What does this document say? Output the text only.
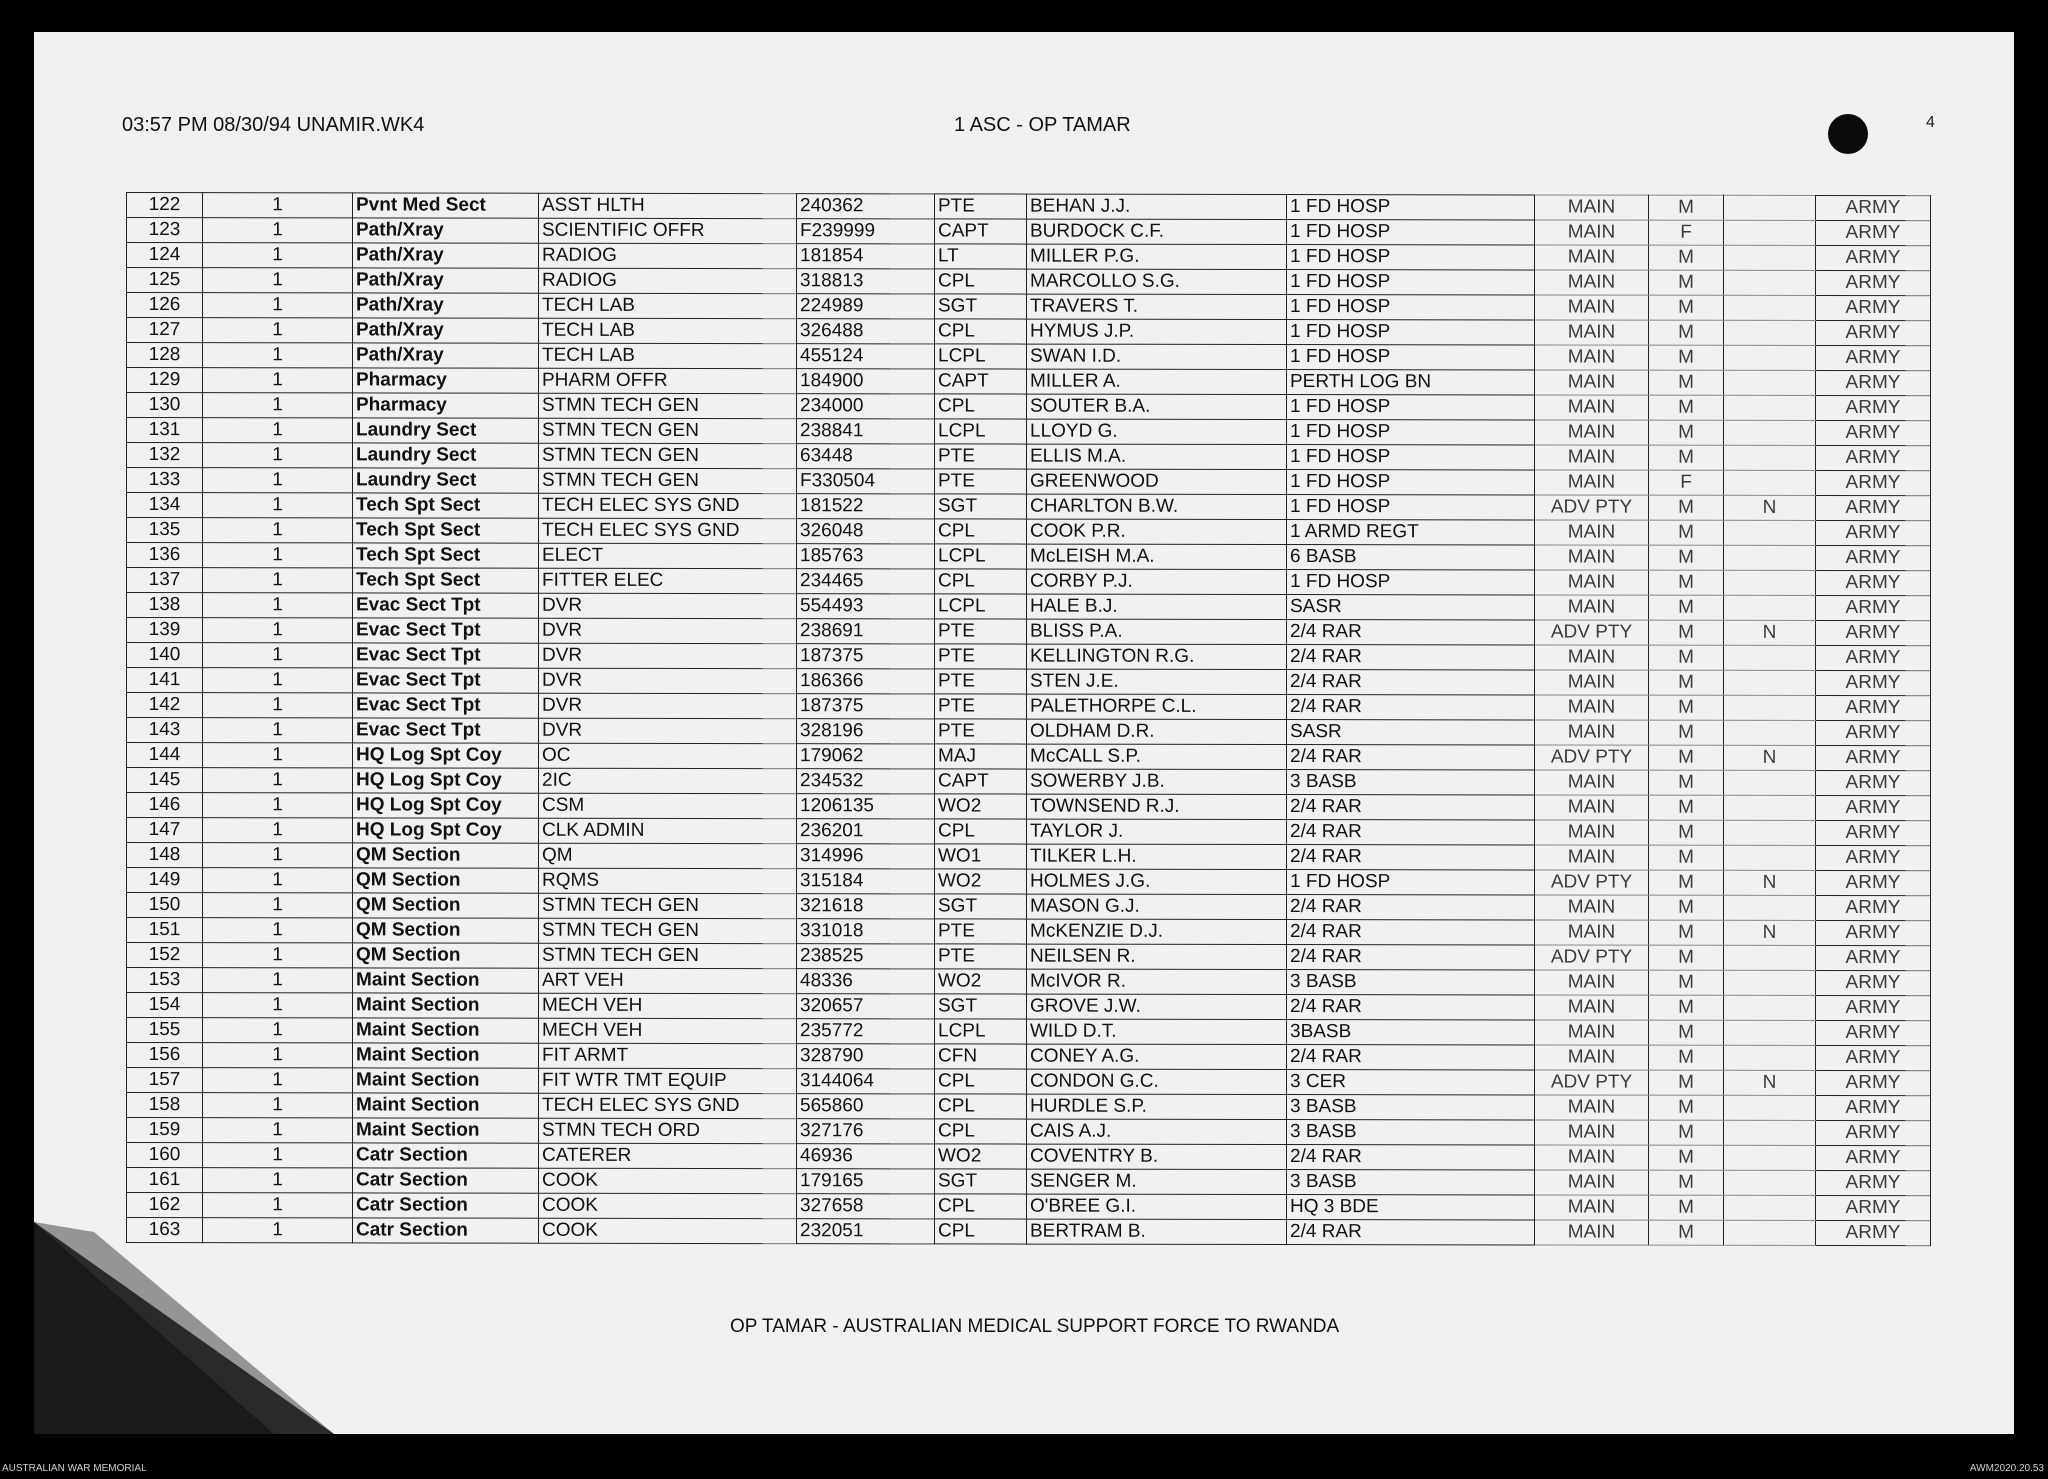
03:57 PM 08/30/94 UNAMIR.WK4	1 ASC - OP TAMAR	4
122	1	Pvnt Med Sect	ASST HLTH	240362	PTE	BEHAN J.J.	1 FD HOSP	MAIN	M		ARMY
123	1	Path/Xray	SCIENTIFIC OFFR	F239999	CAPT	BURDOCK C.F.	1 FD HOSP	MAIN	F		ARMY
124	1	Path/Xray	RADIOG	181854	LT	MILLER P.G.	1 FD HOSP	MAIN	M		ARMY
125	1	Path/Xray	RADIOG	318813	CPL	MARCOLLO S.G.	1 FD HOSP	MAIN	M		ARMY
126	1	Path/Xray	TECH LAB	224989	SGT	TRAVERS T.	1 FD HOSP	MAIN	M		ARMY
127	1	Path/Xray	TECH LAB	326488	CPL	HYMUS J.P.	1 FD HOSP	MAIN	M		ARMY
128	1	Path/Xray	TECH LAB	455124	LCPL	SWAN I.D.	1 FD HOSP	MAIN	M		ARMY
129	1	Pharmacy	PHARM OFFR	184900	CAPT	MILLER A.	PERTH LOG BN	MAIN	M		ARMY
130	1	Pharmacy	STMN TECH GEN	234000	CPL	SOUTER B.A.	1 FD HOSP	MAIN	M		ARMY
131	1	Laundry Sect	STMN TECN GEN	238841	LCPL	LLOYD G.	1 FD HOSP	MAIN	M		ARMY
132	1	Laundry Sect	STMN TECN GEN	63448	PTE	ELLIS M.A.	1 FD HOSP	MAIN	M		ARMY
133	1	Laundry Sect	STMN TECH GEN	F330504	PTE	GREENWOOD	1 FD HOSP	MAIN	F		ARMY
134	1	Tech Spt Sect	TECH ELEC SYS GND	181522	SGT	CHARLTON B.W.	1 FD HOSP	ADV PTY	M	N	ARMY
135	1	Tech Spt Sect	TECH ELEC SYS GND	326048	CPL	COOK P.R.	1 ARMD REGT	MAIN	M		ARMY
136	1	Tech Spt Sect	ELECT	185763	LCPL	McLEISH M.A.	6 BASB	MAIN	M		ARMY
137	1	Tech Spt Sect	FITTER ELEC	234465	CPL	CORBY P.J.	1 FD HOSP	MAIN	M		ARMY
138	1	Evac Sect Tpt	DVR	554493	LCPL	HALE B.J.	SASR	MAIN	M		ARMY
139	1	Evac Sect Tpt	DVR	238691	PTE	BLISS P.A.	2/4 RAR	ADV PTY	M	N	ARMY
140	1	Evac Sect Tpt	DVR	187375	PTE	KELLINGTON R.G.	2/4 RAR	MAIN	M		ARMY
141	1	Evac Sect Tpt	DVR	186366	PTE	STEN J.E.	2/4 RAR	MAIN	M		ARMY
142	1	Evac Sect Tpt	DVR	187375	PTE	PALETHORPE C.L.	2/4 RAR	MAIN	M		ARMY
143	1	Evac Sect Tpt	DVR	328196	PTE	OLDHAM D.R.	SASR	MAIN	M		ARMY
144	1	HQ Log Spt Coy	OC	179062	MAJ	McCALL S.P.	2/4 RAR	ADV PTY	M	N	ARMY
145	1	HQ Log Spt Coy	2IC	234532	CAPT	SOWERBY J.B.	3 BASB	MAIN	M		ARMY
146	1	HQ Log Spt Coy	CSM	1206135	WO2	TOWNSEND R.J.	2/4 RAR	MAIN	M		ARMY
147	1	HQ Log Spt Coy	CLK ADMIN	236201	CPL	TAYLOR J.	2/4 RAR	MAIN	M		ARMY
148	1	QM Section	QM	314996	WO1	TILKER L.H.	2/4 RAR	MAIN	M		ARMY
149	1	QM Section	RQMS	315184	WO2	HOLMES J.G.	1 FD HOSP	ADV PTY	M	N	ARMY
150	1	QM Section	STMN TECH GEN	321618	SGT	MASON G.J.	2/4 RAR	MAIN	M		ARMY
151	1	QM Section	STMN TECH GEN	331018	PTE	McKENZIE D.J.	2/4 RAR	MAIN	M	N	ARMY
152	1	QM Section	STMN TECH GEN	238525	PTE	NEILSEN R.	2/4 RAR	ADV PTY	M		ARMY
153	1	Maint Section	ART VEH	48336	WO2	McIVOR R.	3 BASB	MAIN	M		ARMY
154	1	Maint Section	MECH VEH	320657	SGT	GROVE J.W.	2/4 RAR	MAIN	M		ARMY
155	1	Maint Section	MECH VEH	235772	LCPL	WILD D.T.	3BASB	MAIN	M		ARMY
156	1	Maint Section	FIT ARMT	328790	CFN	CONEY A.G.	2/4 RAR	MAIN	M		ARMY
157	1	Maint Section	FIT WTR TMT EQUIP	3144064	CPL	CONDON G.C.	3 CER	ADV PTY	M	N	ARMY
158	1	Maint Section	TECH ELEC SYS GND	565860	CPL	HURDLE S.P.	3 BASB	MAIN	M		ARMY
159	1	Maint Section	STMN TECH ORD	327176	CPL	CAIS A.J.	3 BASB	MAIN	M		ARMY
160	1	Catr Section	CATERER	46936	WO2	COVENTRY B.	2/4 RAR	MAIN	M		ARMY
161	1	Catr Section	COOK	179165	SGT	SENGER M.	3 BASB	MAIN	M		ARMY
162	1	Catr Section	COOK	327658	CPL	O'BREE G.I.	HQ 3 BDE	MAIN	M		ARMY
163	1	Catr Section	COOK	232051	CPL	BERTRAM B.	2/4 RAR	MAIN	M		ARMY
OP TAMAR - AUSTRALIAN MEDICAL SUPPORT FORCE TO RWANDA
AUSTRALIAN WAR MEMORIAL	AWM2020.20.53
